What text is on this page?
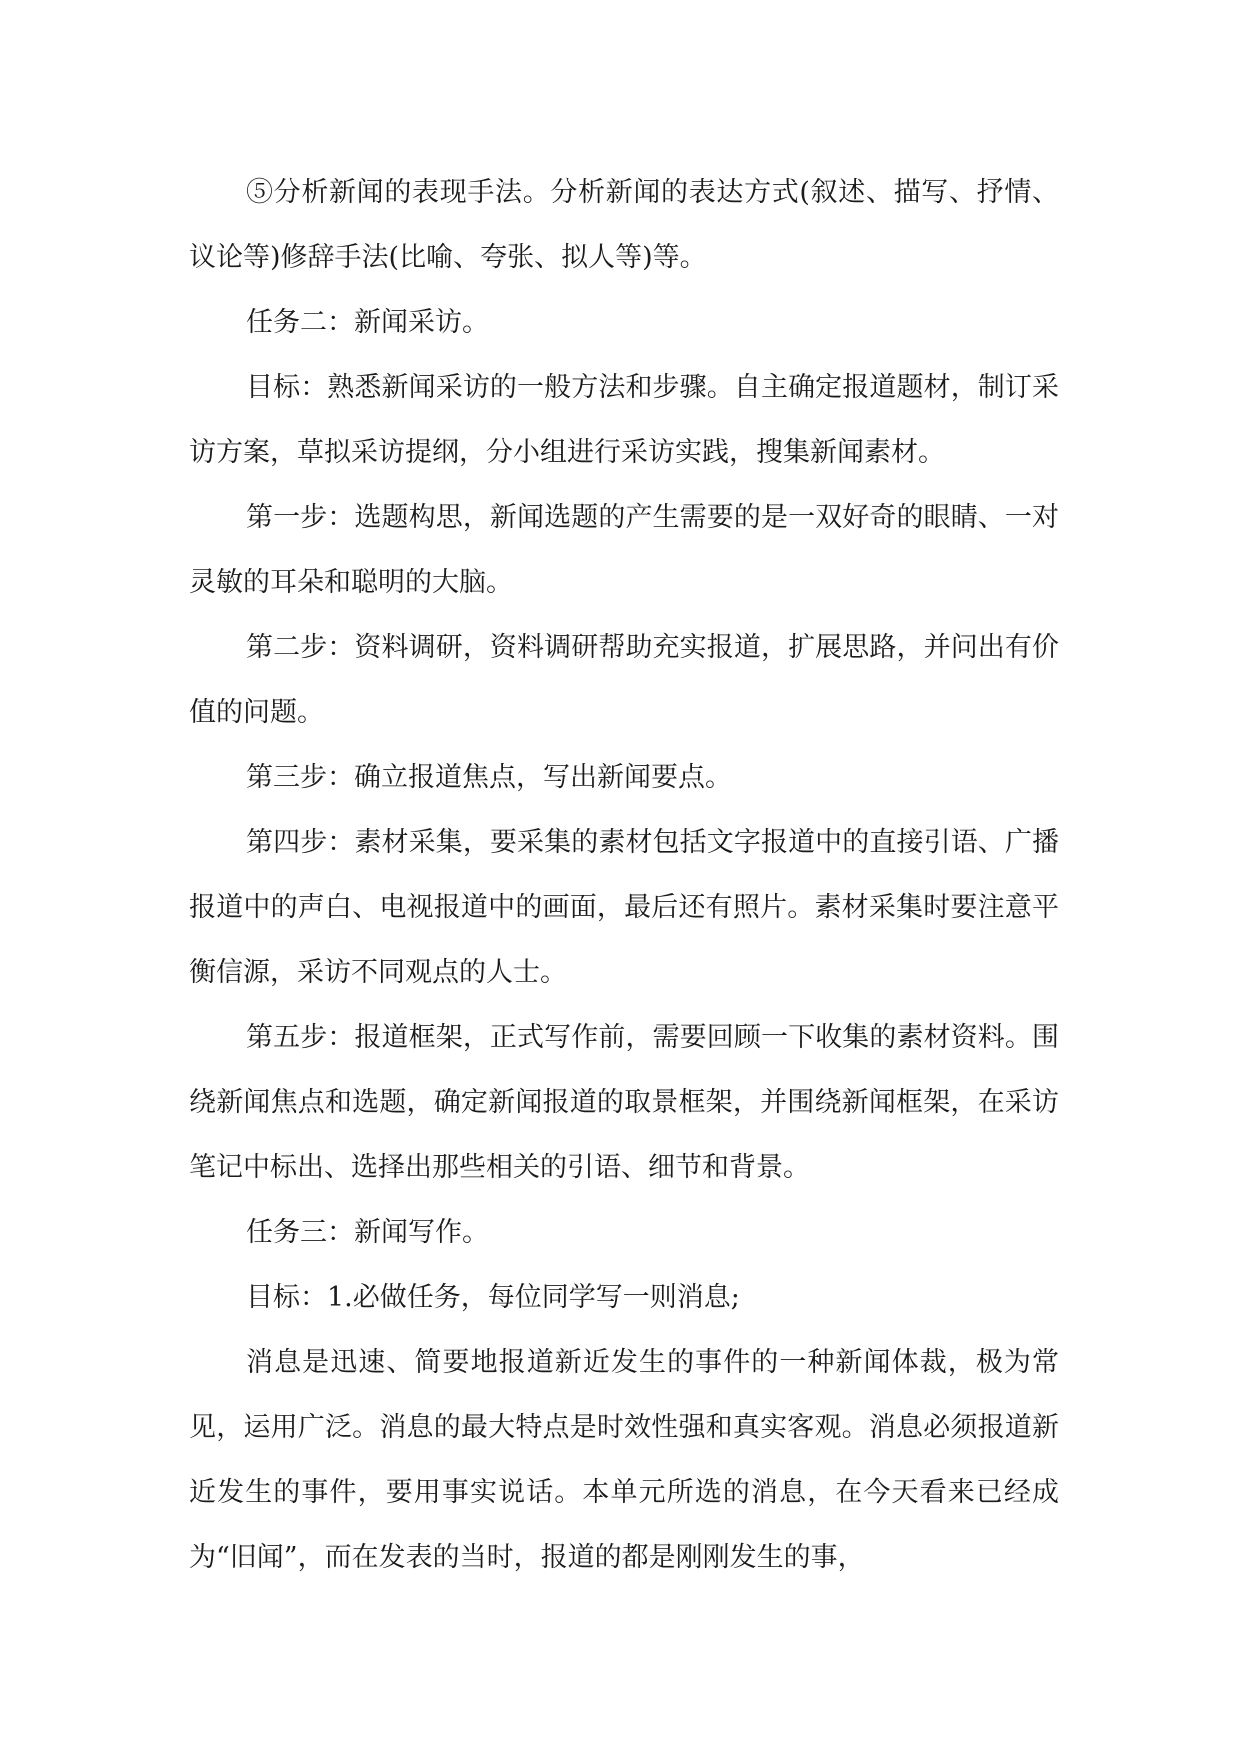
⑤分析新闻的表现手法。分析新闻的表达方式(叙述、描写、抒情、议论等)修辞手法(比喻、夸张、拟人等)等。

任务二：新闻采访。

目标：熟悉新闻采访的一般方法和步骤。自主确定报道题材，制订采访方案，草拟采访提纲，分小组进行采访实践，搜集新闻素材。

第一步：选题构思，新闻选题的产生需要的是一双好奇的眼睛、一对灵敏的耳朵和聪明的大脑。

第二步：资料调研，资料调研帮助充实报道，扩展思路，并问出有价值的问题。

第三步：确立报道焦点，写出新闻要点。

第四步：素材采集，要采集的素材包括文字报道中的直接引语、广播报道中的声白、电视报道中的画面，最后还有照片。素材采集时要注意平衡信源，采访不同观点的人士。

第五步：报道框架，正式写作前，需要回顾一下收集的素材资料。围绕新闻焦点和选题，确定新闻报道的取景框架，并围绕新闻框架，在采访笔记中标出、选择出那些相关的引语、细节和背景。

任务三：新闻写作。

目标：1.必做任务，每位同学写一则消息;

消息是迅速、简要地报道新近发生的事件的一种新闻体裁，极为常见，运用广泛。消息的最大特点是时效性强和真实客观。消息必须报道新近发生的事件，要用事实说话。本单元所选的消息，在今天看来已经成为“旧闻”，而在发表的当时，报道的都是刚刚发生的事，
